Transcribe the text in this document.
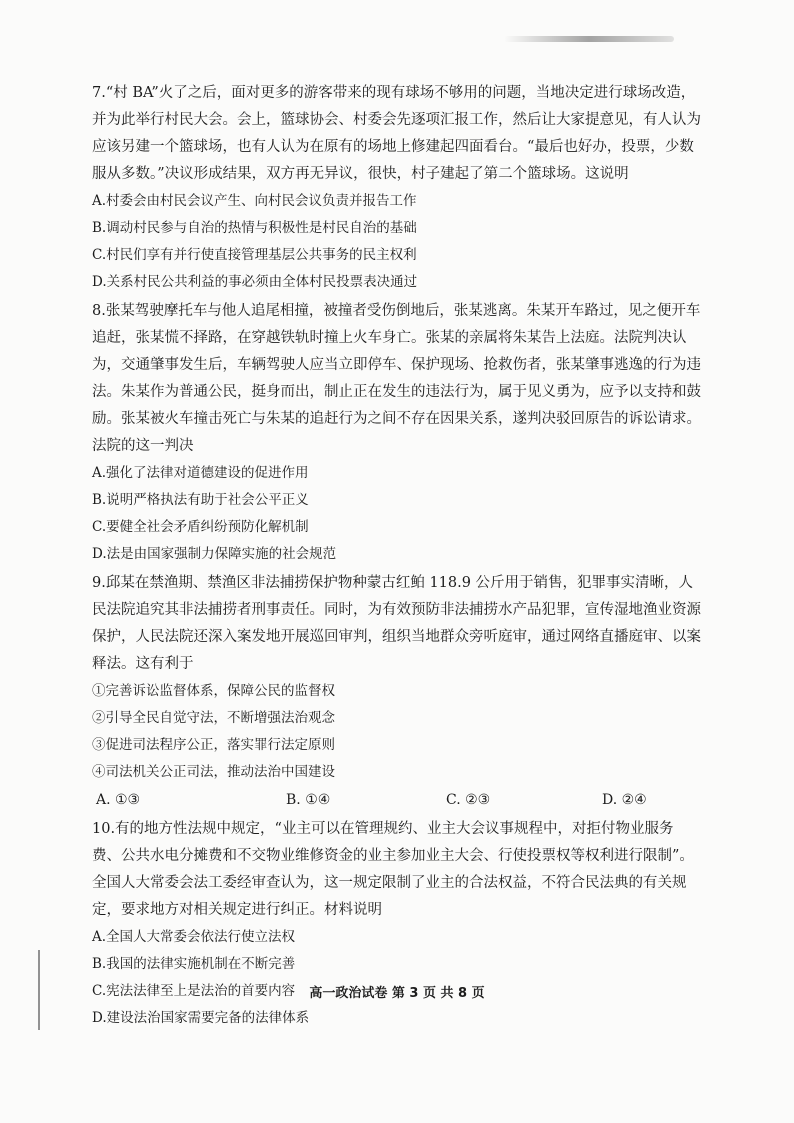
7.“村 BA”火了之后，面对更多的游客带来的现有球场不够用的问题，当地决定进行球场改造，并为此举行村民大会。会上，篮球协会、村委会先逐项汇报工作，然后让大家提意见，有人认为应该另建一个篮球场，也有人认为在原有的场地上修建起四面看台。“最后也好办，投票，少数服从多数。”决议形成结果，双方再无异议，很快，村子建起了第二个篮球场。这说明

A.村委会由村民会议产生、向村民会议负责并报告工作

B.调动村民参与自治的热情与积极性是村民自治的基础

C.村民们享有并行使直接管理基层公共事务的民主权利

D.关系村民公共利益的事必须由全体村民投票表决通过

8.张某驾驶摩托车与他人追尾相撞，被撞者受伤倒地后，张某逃离。朱某开车路过，见之便开车追赶，张某慌不择路，在穿越铁轨时撞上火车身亡。张某的亲属将朱某告上法庭。法院判决认为，交通肇事发生后，车辆驾驶人应当立即停车、保护现场、抢救伤者，张某肇事逃逸的行为违法。朱某作为普通公民，挺身而出，制止正在发生的违法行为，属于见义勇为，应予以支持和鼓励。张某被火车撞击死亡与朱某的追赶行为之间不存在因果关系，遂判决驳回原告的诉讼请求。法院的这一判决

A.强化了法律对道德建设的促进作用

B.说明严格执法有助于社会公平正义

C.要健全社会矛盾纠纷预防化解机制

D.法是由国家强制力保障实施的社会规范

9.邱某在禁渔期、禁渔区非法捕捞保护物种蒙古红鲌 118.9 公斤用于销售，犯罪事实清晰，人民法院追究其非法捕捞者刑事责任。同时，为有效预防非法捕捞水产品犯罪，宣传湿地渔业资源保护，人民法院还深入案发地开展巡回审判，组织当地群众旁听庭审，通过网络直播庭审、以案释法。这有利于

①完善诉讼监督体系，保障公民的监督权

②引导全民自觉守法，不断增强法治观念

③促进司法程序公正，落实罪行法定原则

④司法机关公正司法，推动法治中国建设

A. ①③	B. ①④	C. ②③	D. ②④

10.有的地方性法规中规定，“业主可以在管理规约、业主大会议事规程中，对拒付物业服务费、公共水电分摊费和不交物业维修资金的业主参加业主大会、行使投票权等权利进行限制”。全国人大常委会法工委经审查认为，这一规定限制了业主的合法权益，不符合民法典的有关规定，要求地方对相关规定进行纠正。材料说明

A.全国人大常委会依法行使立法权

B.我国的法律实施机制在不断完善

C.宪法法律至上是法治的首要内容

D.建设法治国家需要完备的法律体系

高一政治试卷 第 3 页 共 8 页
